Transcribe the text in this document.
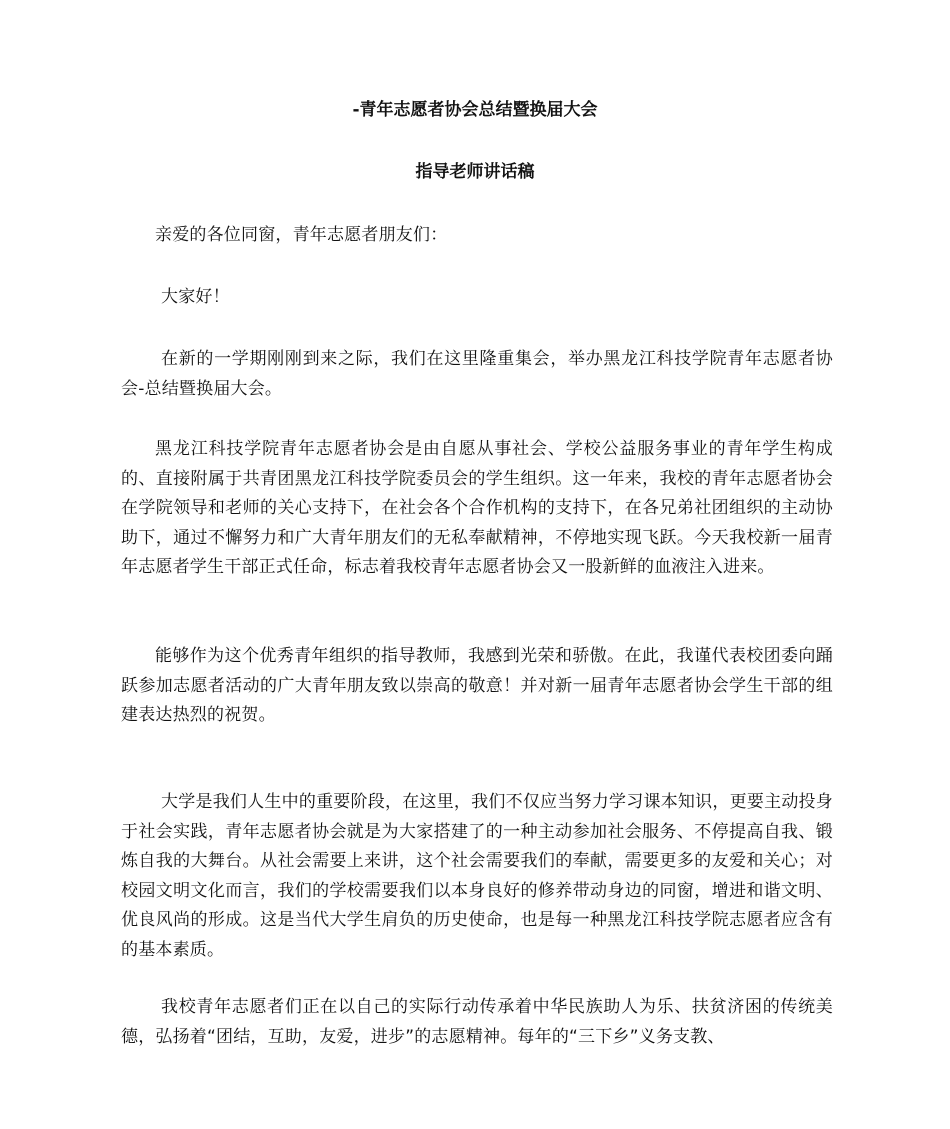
-青年志愿者协会总结暨换届大会
指导老师讲话稿

亲爱的各位同窗，青年志愿者朋友们：

大家好！

在新的一学期刚刚到来之际，我们在这里隆重集会，举办黑龙江科技学院青年志愿者协会-总结暨换届大会。

黑龙江科技学院青年志愿者协会是由自愿从事社会、学校公益服务事业的青年学生构成的、直接附属于共青团黑龙江科技学院委员会的学生组织。这一年来，我校的青年志愿者协会在学院领导和老师的关心支持下，在社会各个合作机构的支持下，在各兄弟社团组织的主动协助下，通过不懈努力和广大青年朋友们的无私奉献精神，不停地实现飞跃。今天我校新一届青年志愿者学生干部正式任命，标志着我校青年志愿者协会又一股新鲜的血液注入进来。

能够作为这个优秀青年组织的指导教师，我感到光荣和骄傲。在此，我谨代表校团委向踊跃参加志愿者活动的广大青年朋友致以崇高的敬意！并对新一届青年志愿者协会学生干部的组建表达热烈的祝贺。

大学是我们人生中的重要阶段，在这里，我们不仅应当努力学习课本知识，更要主动投身于社会实践，青年志愿者协会就是为大家搭建了的一种主动参加社会服务、不停提高自我、锻炼自我的大舞台。从社会需要上来讲，这个社会需要我们的奉献，需要更多的友爱和关心；对校园文明文化而言，我们的学校需要我们以本身良好的修养带动身边的同窗，增进和谐文明、优良风尚的形成。这是当代大学生肩负的历史使命，也是每一种黑龙江科技学院志愿者应含有的基本素质。

我校青年志愿者们正在以自己的实际行动传承着中华民族助人为乐、扶贫济困的传统美德，弘扬着“团结，互助，友爱，进步”的志愿精神。每年的“三下乡”义务支教、
